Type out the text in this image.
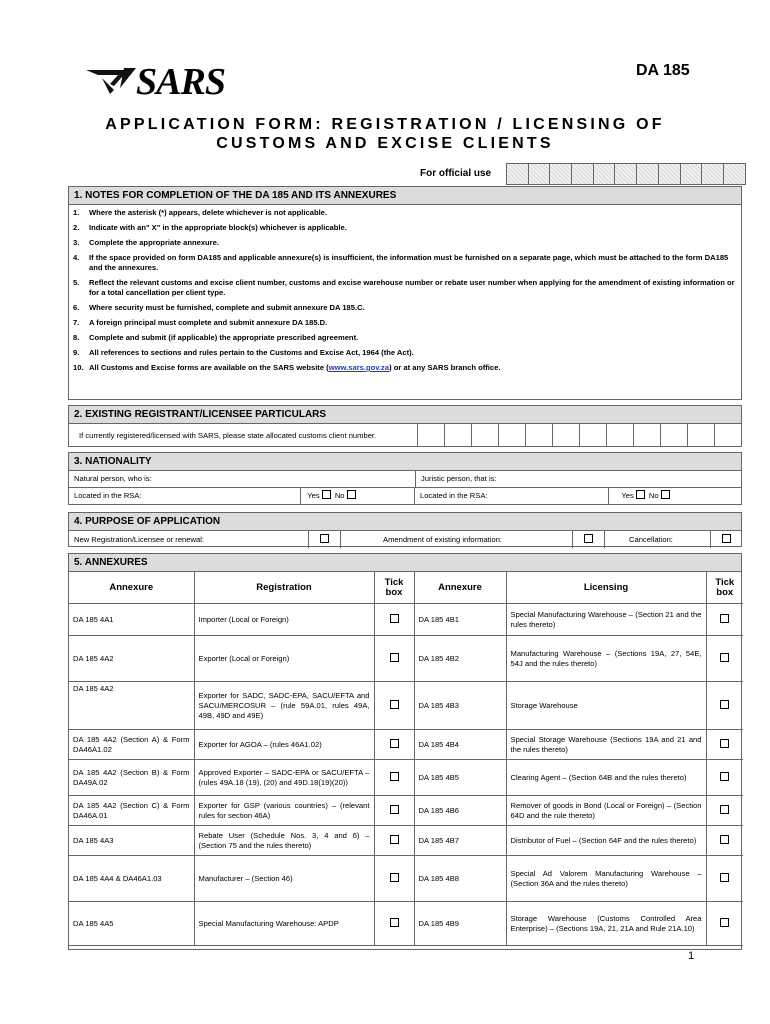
SARS	DA 185
APPLICATION FORM: REGISTRATION / LICENSING OF
CUSTOMS AND EXCISE CLIENTS
For official use
1. NOTES FOR COMPLETION OF THE DA 185 AND ITS ANNEXURES
1.	Where the asterisk (*) appears, delete whichever is not applicable.
2.	Indicate with an" X" in the appropriate block(s) whichever is applicable.
3.	Complete the appropriate annexure.
4.	If the space provided on form DA185 and applicable annexure(s) is insufficient, the information must be furnished on a separate page, which must be attached to the form DA185 and the annexures.
5.	Reflect the relevant customs and excise client number, customs and excise warehouse number or rebate user number when applying for the amendment of existing information or for a total cancellation per client type.
6.	Where security must be furnished, complete and submit annexure DA 185.C.
7.	A foreign principal must complete and submit annexure DA 185.D.
8.	Complete and submit (if applicable) the appropriate prescribed agreement.
9.	All references to sections and rules pertain to the Customs and Excise Act, 1964 (the Act).
10. All Customs and Excise forms are available on the SARS website (www.sars.gov.za) or at any SARS branch office.
2. EXISTING REGISTRANT/LICENSEE PARTICULARS
If currently registered/licensed with SARS, please state allocated customs client number.
3. NATIONALITY
Natural person, who is:	Juristic person, that is:
Located in the RSA:	Yes No	Located in the RSA:	Yes No
4. PURPOSE OF APPLICATION
New Registration/Licensee or renewal:	Amendment of existing information:	Cancellation:
5. ANNEXURES
Annexure	Registration	Tick box	Annexure	Licensing	Tick box
DA 185 4A1	Importer (Local or Foreign)		DA 185 4B1	Special Manufacturing Warehouse – (Section 21 and the rules thereto)	
DA 185 4A2	Exporter (Local or Foreign)		DA 185 4B2	Manufacturing Warehouse – (Sections 19A, 27, 54E, 54J and the rules thereto)	
DA 185 4A2	Exporter for SADC, SADC-EPA, SACU/EFTA and SACU/MERCOSUR – (rule 59A.01, rules 49A, 49B, 49D and 49E)		DA 185 4B3	Storage Warehouse	
DA 185 4A2 (Section A) & Form DA46A1.02	Exporter for AGOA – (rules 46A1.02)		DA 185 4B4	Special Storage Warehouse (Sections 19A and 21 and the rules thereto)	
DA 185 4A2 (Section B) & Form DA49A.02	Approved Exporter – SADC-EPA or SACU/EFTA – (rules 49A.18 (19), (20) and 49D.18(19)(20))		DA 185 4B5	Clearing Agent – (Section 64B and the rules thereto)	
DA 185 4A2 (Section C) & Form DA46A.01	Exporter for GSP (various countries) – (relevant rules for section 46A)		DA 185 4B6	Remover of goods in Bond (Local or Foreign) – (Section 64D and the rule thereto)	
DA 185 4A3	Rebate User (Schedule Nos. 3, 4 and 6) – (Section 75 and the rules thereto)		DA 185 4B7	Distributor of Fuel – (Section 64F and the rules thereto)	
DA 185 4A4 & DA46A1.03	Manufacturer – (Section 46)		DA 185 4B8	Special Ad Valorem Manufacturing Warehouse – (Section 36A and the rules thereto)	
DA 185 4A5	Special Manufacturing Warehouse: APDP		DA 185 4B9	Storage Warehouse (Customs Controlled Area Enterprise) – (Sections 19A, 21, 21A and Rule 21A.10)	
1
